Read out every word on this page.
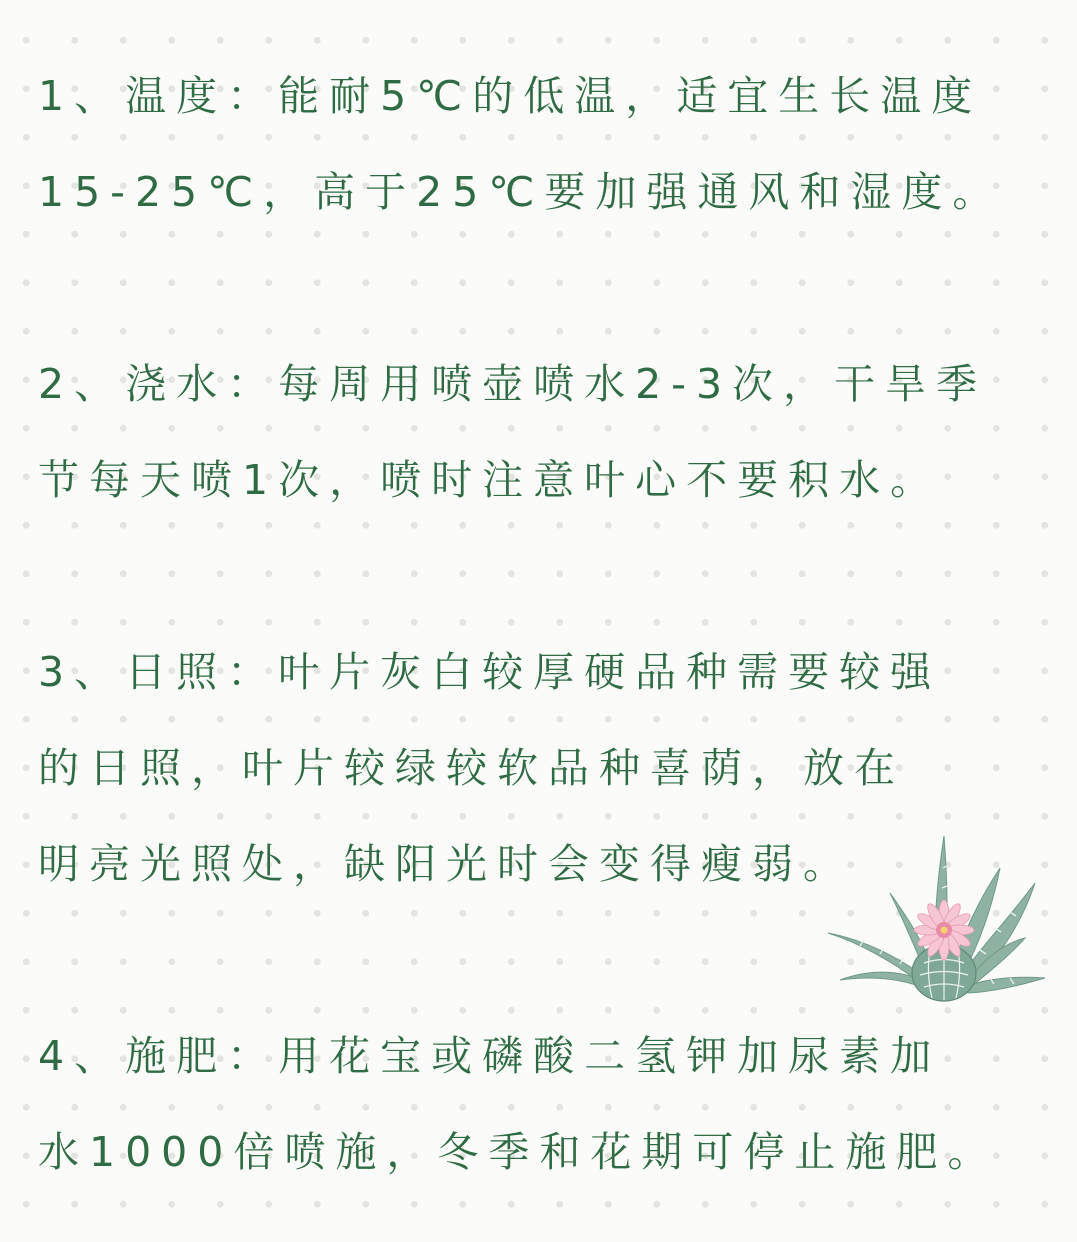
1、温度：能耐5℃的低温，适宜生长温度
15-25℃，高于25℃要加强通风和湿度。
2、浇水：每周用喷壶喷水2-3次，干旱季
节每天喷1次，喷时注意叶心不要积水。
3、日照：叶片灰白较厚硬品种需要较强
的日照，叶片较绿较软品种喜荫，放在
明亮光照处，缺阳光时会变得瘦弱。
4、施肥：用花宝或磷酸二氢钾加尿素加
水1000倍喷施，冬季和花期可停止施肥。
